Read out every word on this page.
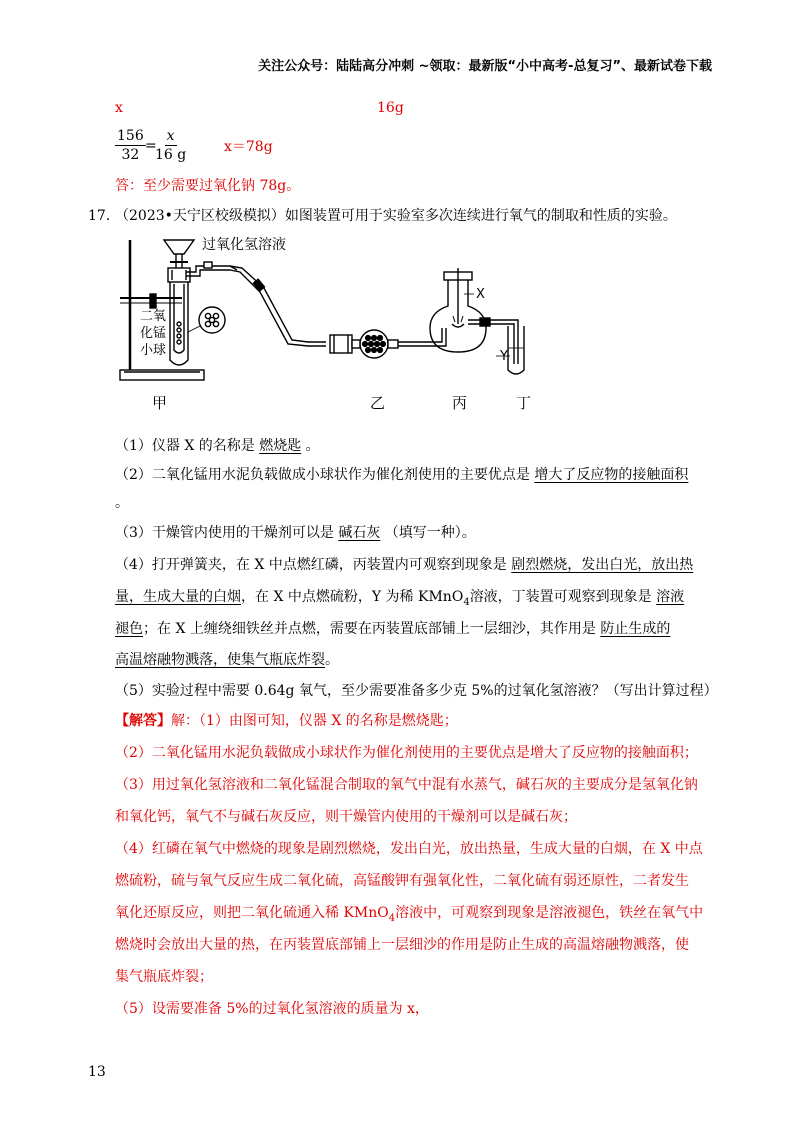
关注公众号：陆陆高分冲刺 ~领取：最新版“小中高考-总复习”、最新试卷下载
x	16g
$\frac{156}{32}$ =
$\frac{x}{16 g}$	x＝78g
答：至少需要过氧化钠 78g。
17. （2023•天宁区校级模拟）如图装置可用于实验室多次连续进行氧气的制取和性质的实验。
过氧化氢溶液
二氧
化锰
小球
X
Y
甲	乙	丙	丁
（1）仪器 X 的名称是 燃烧匙 。
（2）二氧化锰用水泥负载做成小球状作为催化剂使用的主要优点是 增大了反应物的接触面积
。
（3）干燥管内使用的干燥剂可以是 碱石灰 （填写一种）。
（4）打开弹簧夹，在 X 中点燃红磷，丙装置内可观察到现象是 剧烈燃烧，发出白光，放出热
量，生成大量的白烟，在 X 中点燃硫粉，Y 为稀 KMnO$_4$溶液，丁装置可观察到现象是 溶液
褪色；在 X 上缠绕细铁丝并点燃，需要在丙装置底部铺上一层细沙，其作用是 防止生成的
高温熔融物溅落，使集气瓶底炸裂。
（5）实验过程中需要 0.64g 氧气，至少需要准备多少克 5%的过氧化氢溶液？（写出计算过程）
【解答】解：（1）由图可知，仪器 X 的名称是燃烧匙；
（2）二氧化锰用水泥负载做成小球状作为催化剂使用的主要优点是增大了反应物的接触面积；
（3）用过氧化氢溶液和二氧化锰混合制取的氧气中混有水蒸气，碱石灰的主要成分是氢氧化钠
和氧化钙，氧气不与碱石灰反应，则干燥管内使用的干燥剂可以是碱石灰；
（4）红磷在氧气中燃烧的现象是剧烈燃烧，发出白光，放出热量，生成大量的白烟，在 X 中点
燃硫粉，硫与氧气反应生成二氧化硫，高锰酸钾有强氧化性，二氧化硫有弱还原性，二者发生
氧化还原反应，则把二氧化硫通入稀 KMnO$_4$溶液中，可观察到现象是溶液褪色，铁丝在氧气中
燃烧时会放出大量的热，在丙装置底部铺上一层细沙的作用是防止生成的高温熔融物溅落，使
集气瓶底炸裂；
（5）设需要准备 5%的过氧化氢溶液的质量为 x，
13
